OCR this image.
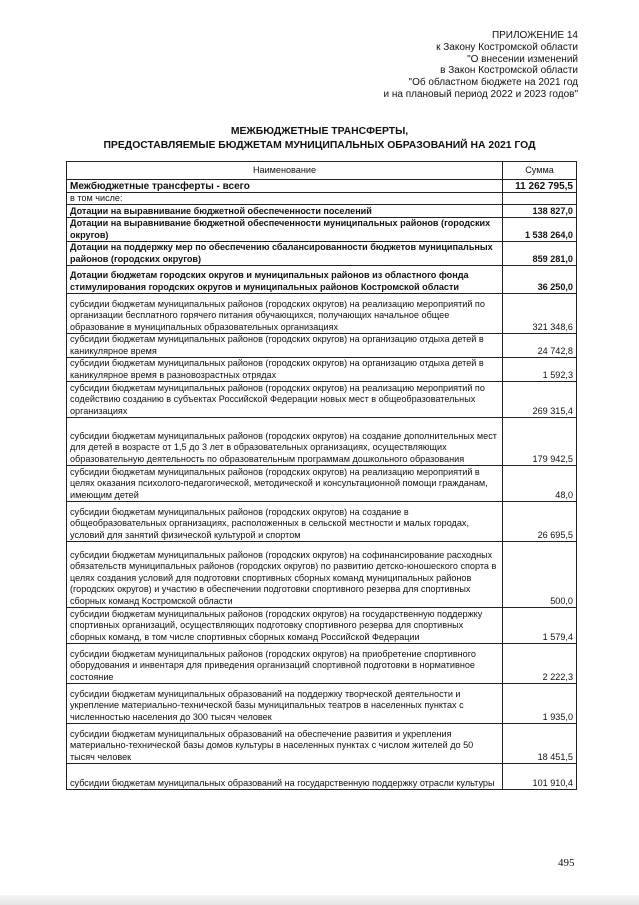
ПРИЛОЖЕНИЕ 14
к Закону Костромской области
"О внесении изменений
в Закон Костромской области
"Об областном бюджете на 2021 год
и на плановый период 2022 и 2023 годов"
МЕЖБЮДЖЕТНЫЕ ТРАНСФЕРТЫ,
ПРЕДОСТАВЛЯЕМЫЕ БЮДЖЕТАМ МУНИЦИПАЛЬНЫХ ОБРАЗОВАНИЙ НА 2021 ГОД
Наименование	Сумма
Межбюджетные трансферты - всего	11 262 795,5
в том числе:	
Дотации на выравнивание бюджетной обеспеченности поселений	138 827,0
Дотации на выравнивание бюджетной обеспеченности муниципальных районов (городских округов)	1 538 264,0
Дотации на поддержку мер по обеспечению сбалансированности бюджетов муниципальных районов (городских округов)	859 281,0
Дотации бюджетам городских округов и муниципальных районов из областного фонда стимулирования городских округов и муниципальных районов Костромской области	36 250,0
субсидии бюджетам муниципальных районов (городских округов) на реализацию мероприятий по организации бесплатного горячего питания обучающихся, получающих начальное общее образование в муниципальных образовательных организациях	321 348,6
субсидии бюджетам муниципальных районов (городских округов) на организацию отдыха детей в каникулярное время	24 742,8
субсидии бюджетам муниципальных районов (городских округов) на организацию отдыха детей в каникулярное время в разновозрастных отрядах	1 592,3
субсидии бюджетам муниципальных районов (городских округов) на реализацию мероприятий по содействию созданию в субъектах Российской Федерации новых мест в общеобразовательных организациях	269 315,4
субсидии бюджетам муниципальных районов (городских округов) на создание дополнительных мест для детей в возрасте от 1,5 до 3 лет в образовательных организациях, осуществляющих образовательную деятельность по образовательным программам дошкольного образования	179 942,5
субсидии бюджетам муниципальных районов (городских округов) на реализацию мероприятий в целях оказания психолого-педагогической, методической и консультационной помощи гражданам, имеющим детей	48,0
субсидии бюджетам муниципальных районов (городских округов) на создание в общеобразовательных организациях, расположенных в сельской местности и малых городах, условий для занятий физической культурой и спортом	26 695,5
субсидии бюджетам муниципальных районов (городских округов) на софинансирование расходных обязательств муниципальных районов (городских округов) по развитию детско-юношеского спорта в целях создания условий для подготовки спортивных сборных команд муниципальных районов (городских округов) и участию в обеспечении подготовки спортивного резерва для спортивных сборных команд Костромской области	500,0
субсидии бюджетам муниципальных районов (городских округов) на государственную поддержку спортивных организаций, осуществляющих подготовку спортивного резерва для спортивных сборных команд, в том числе спортивных сборных команд Российской Федерации	1 579,4
субсидии бюджетам муниципальных районов (городских округов) на приобретение спортивного оборудования и инвентаря для приведения организаций спортивной подготовки в нормативное состояние	2 222,3
субсидии бюджетам муниципальных образований на поддержку творческой деятельности и укрепление материально-технической базы муниципальных театров в населенных пунктах с численностью населения до 300 тысяч человек	1 935,0
субсидии бюджетам муниципальных образований на обеспечение развития и укрепления материально-технической базы домов культуры в населенных пунктах с числом жителей до 50 тысяч человек	18 451,5
субсидии бюджетам муниципальных образований на государственную поддержку отрасли культуры	101 910,4
495
